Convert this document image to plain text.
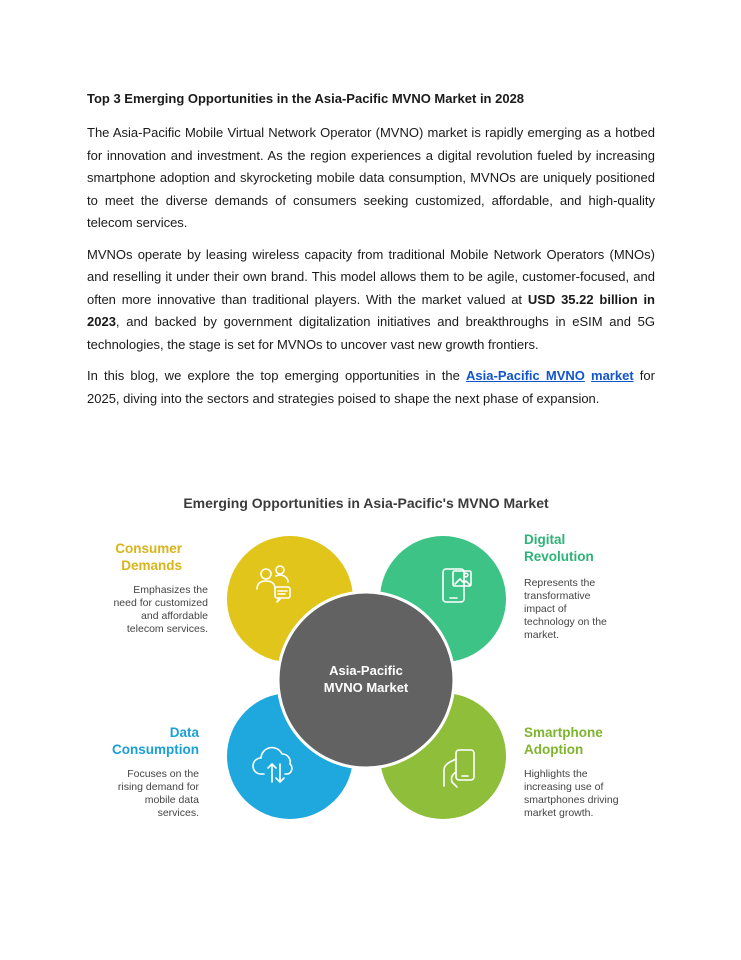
Top 3 Emerging Opportunities in the Asia-Pacific MVNO Market in 2028

The Asia-Pacific Mobile Virtual Network Operator (MVNO) market is rapidly emerging as a hotbed for innovation and investment. As the region experiences a digital revolution fueled by increasing smartphone adoption and skyrocketing mobile data consumption, MVNOs are uniquely positioned to meet the diverse demands of consumers seeking customized, affordable, and high-quality telecom services.

MVNOs operate by leasing wireless capacity from traditional Mobile Network Operators (MNOs) and reselling it under their own brand. This model allows them to be agile, customer-focused, and often more innovative than traditional players. With the market valued at USD 35.22 billion in 2023, and backed by government digitalization initiatives and breakthroughs in eSIM and 5G technologies, the stage is set for MVNOs to uncover vast new growth frontiers.

In this blog, we explore the top emerging opportunities in the Asia-Pacific MVNO market for 2025, diving into the sectors and strategies poised to shape the next phase of expansion.

Emerging Opportunities in Asia-Pacific's MVNO Market
Asia-Pacific
MVNO Market
Consumer
Demands
Emphasizes the
need for customized
and affordable
telecom services.
Digital
Revolution
Represents the
transformative
impact of
technology on the
market.
Data
Consumption
Focuses on the
rising demand for
mobile data
services.
Smartphone
Adoption
Highlights the
increasing use of
smartphones driving
market growth.
